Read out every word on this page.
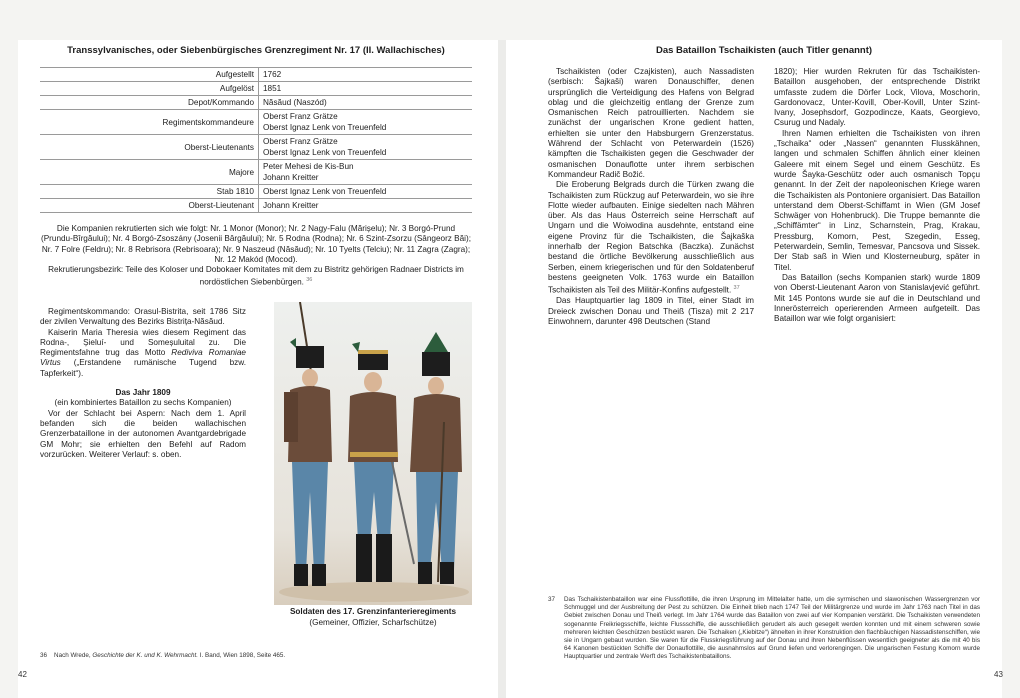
Transsylvanisches, oder Siebenbürgisches Grenzregiment Nr. 17 (II. Wallachisches)
Aufgestellt	1762

Aufgelöst	1851

Depot/Kommando	Năsăud (Naszód)

Regimentskommandeure	Oberst Franz Grätze
Oberst Ignaz Lenk von Treuenfeld

Oberst-Lieutenants	Oberst Franz Grätze
Oberst Ignaz Lenk von Treuenfeld

Majore	Peter Mehesi de Kis-Bun
Johann Kreitter

Stab 1810	Oberst Ignaz Lenk von Treuenfeld

Oberst-Lieutenant	Johann Kreitter

Die Kompanien rekrutierten sich wie folgt: Nr. 1 Monor (Monor); Nr. 2 Nagy-Falu (Mărișelu); Nr. 3 Borgó-Prund (Prundu-Bîrgăului); Nr. 4 Borgó-Zsoszány (Josenii Bârgăului); Nr. 5 Rodna (Rodna); Nr. 6 Szint-Zsorzu (Sângeorz Băi); Nr. 7 Folre (Feldru); Nr. 8 Rebrisora (Rebrisoara); Nr. 9 Naszeud (Năsăud); Nr. 10 Tyelts (Telciu); Nr. 11 Zagra (Zagra); Nr. 12 Makód (Mocod).

Rekrutierungsbezirk: Teile des Koloser und Dobokaer Komitates mit dem zu Bistritz gehörigen Radnaer Districts im nordöstlichen Siebenbürgen. $^{36}$

Regimentskommando: Orasul-Bistrita, seit 1786 Sitz der zivilen Verwaltung des Bezirks Bistrița-Năsăud.

Kaiserin Maria Theresia wies diesem Regiment das Rodna-, Șieluí- und Someșuluital zu. Die Regimentsfahne trug das Motto Rediviva Romaniae Virtus („Erstandene rumänische Tugend bzw. Tapferkeit“).

Das Jahr 1809

(ein kombiniertes Bataillon zu sechs Kompanien)

Vor der Schlacht bei Aspern: Nach dem 1. April befanden sich die beiden wallachischen Grenzerbataillone in der autonomen Avantgardebrigade GM Mohr; sie erhielten den Befehl auf Radom vorzurücken. Weiterer Verlauf: s. oben.

Soldaten des 17. Grenzinfanterieregiments
(Gemeiner, Offizier, Scharfschütze)
36 Nach Wrede, Geschichte der K. und K. Wehrmacht. I. Band, Wien 1898, Seite 465.
42
Das Bataillon Tschaikisten (auch Titler genannt)

Tschaikisten (oder Czajkisten), auch Nassadisten (serbisch: Šajkaši) waren Donauschiffer, denen ursprünglich die Verteidigung des Hafens von Belgrad oblag und die gleichzeitig entlang der Grenze zum Osmanischen Reich patrouillierten. Nachdem sie zunächst der ungarischen Krone gedient hatten, erhielten sie unter den Habsburgern Grenzerstatus. Während der Schlacht von Peterwardein (1526) kämpften die Tschaikisten gegen die Geschwader der osmanischen Donauflotte unter ihrem serbischen Kommandeur Radič Božić.

Die Eroberung Belgrads durch die Türken zwang die Tschaikisten zum Rückzug auf Peterwardein, wo sie ihre Flotte wieder aufbauten. Einige siedelten nach Mähren über. Als das Haus Österreich seine Herrschaft auf Ungarn und die Woiwodina ausdehnte, entstand eine eigene Provinz für die Tschaikisten, die Šajkaška innerhalb der Region Batschka (Baczka). Zunächst bestand die örtliche Bevölkerung ausschließlich aus Serben, einem kriegerischen und für den Soldatenberuf bestens geeigneten Volk. 1763 wurde ein Bataillon Tschaikisten als Teil des Militär-Konfins aufgestellt. $^{37}$

Das Hauptquartier lag 1809 in Titel, einer Stadt im Dreieck zwischen Donau und Theiß (Tisza) mit 2 217 Einwohnern, darunter 498 Deutschen (Stand

1820); Hier wurden Rekruten für das Tschaikisten-Bataillon ausgehoben, der entsprechende Distrikt umfasste zudem die Dörfer Lock, Vilova, Moschorin, Gardonovacz, Unter-Kovill, Ober-Kovill, Unter Szint-Ivany, Josephsdorf, Gozpodincze, Kaats, Georgievo, Csurug und Nadaly.

Ihren Namen erhielten die Tschaikisten von ihren „Tschaika“ oder „Nassen“ genannten Flusskähnen, langen und schmalen Schiffen ähnlich einer kleinen Galeere mit einem Segel und einem Geschütz. Es wurde Šayka-Geschütz oder auch osmanisch Topçu genannt. In der Zeit der napoleonischen Kriege waren die Tschaikisten als Pontoniere organisiert. Das Bataillon unterstand dem Oberst-Schiffamt in Wien (GM Josef Schwäger von Hohenbruck). Die Truppe bemannte die „Schiffämter“ in Linz, Scharnstein, Prag, Krakau, Pressburg, Komorn, Pest, Szegedin, Esseg, Peterwardein, Semlin, Temesvar, Pancsova und Sissek. Der Stab saß in Wien und Klosterneuburg, später in Titel.

Das Bataillon (sechs Kompanien stark) wurde 1809 von Oberst-Lieutenant Aaron von Stanislavjević geführt. Mit 145 Pontons wurde sie auf die in Deutschland und Innerösterreich operierenden Armeen aufgeteilt. Das Bataillon war wie folgt organisiert:

37	Das Tschaikistenbataillon war eine Flussflottille, die ihren Ursprung im Mittelalter hatte, um die syrmischen und slawonischen Wassergrenzen vor Schmuggel und der Ausbreitung der Pest zu schützen. Die Einheit blieb nach 1747 Teil der Militärgrenze und wurde im Jahr 1763 nach Titel in das Gebiet zwischen Donau und Theiß verlegt. Im Jahr 1764 wurde das Bataillon von zwei auf vier Kompanien verstärkt. Die Tschaikisten verwendeten sogenannte Freikriegsschiffe, leichte Flussschiffe, die ausschließlich gerudert als auch gesegelt werden konnten und mit einem schweren sowie mehreren leichten Geschützen bestückt waren. Die Tschaiken („Kiebitze“) ähnelten in ihrer Konstruktion den flachbäuchigen Nassadistenschiffen, wie sie in Ungarn gebaut wurden. Sie waren für die Flusskriegsführung auf der Donau und ihren Nebenflüssen wesentlich geeigneter als die mit 40 bis 64 Kanonen bestückten Schiffe der Donauflottille, die ausnahmslos auf Grund liefen und verlorengingen. Die ungarischen Festung Komorn wurde Hauptquartier und zentrale Werft des Tschaikistenbataillons.
43
